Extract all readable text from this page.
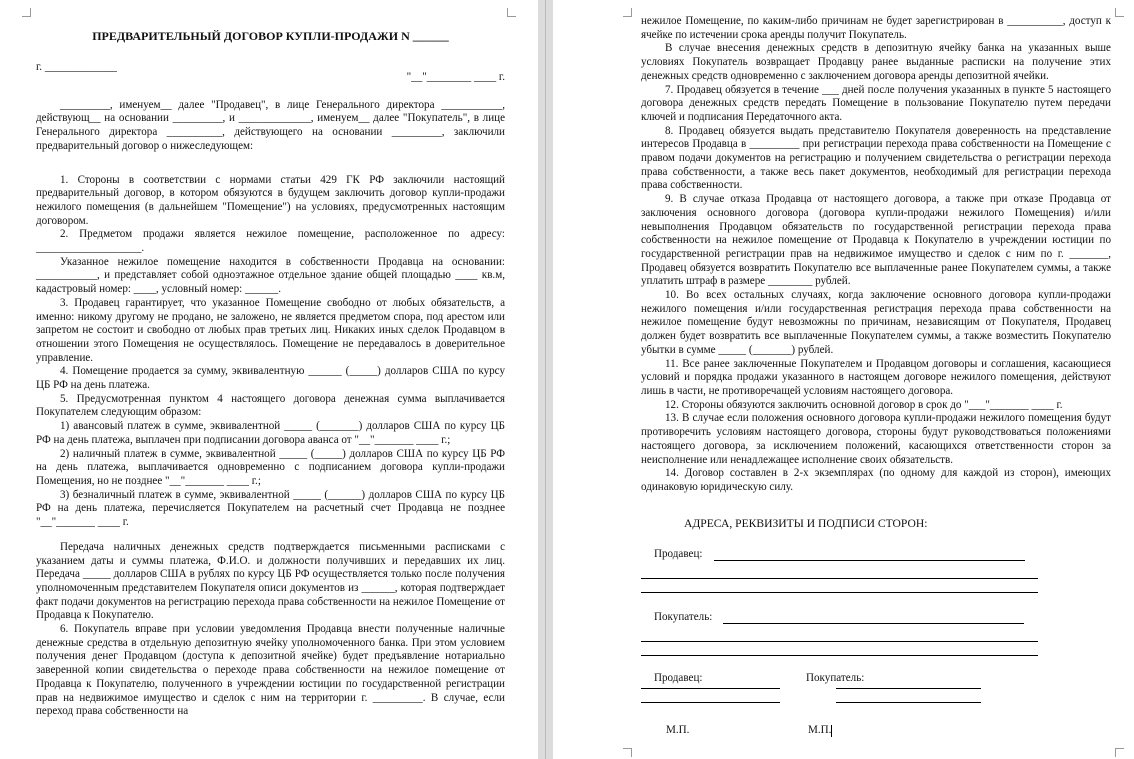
ПРЕДВАРИТЕЛЬНЫЙ ДОГОВОР КУПЛИ-ПРОДАЖИ N ______
г. _____________
"__"________ ____ г.

_________, именуем__ далее "Продавец", в лице Генерального директора ___________, действующ__ на основании _________, и _____________, именуем__ далее "Покупатель", в лице Генерального директора __________, действующего на основании _________, заключили предварительный договор о нижеследующем:

1. Стороны в соответствии с нормами статьи 429 ГК РФ заключили настоящий предварительный договор, в котором обязуются в будущем заключить договор купли-продажи нежилого помещения (в дальнейшем "Помещение") на условиях, предусмотренных настоящим договором.

2. Предметом продажи является нежилое помещение, расположенное по адресу: ___________________.

Указанное нежилое помещение находится в собственности Продавца на основании: ___________, и представляет собой одноэтажное отдельное здание общей площадью ____ кв.м, кадастровый номер: ____, условный номер: ______.

3. Продавец гарантирует, что указанное Помещение свободно от любых обязательств, а именно: никому другому не продано, не заложено, не является предметом спора, под арестом или запретом не состоит и свободно от любых прав третьих лиц. Никаких иных сделок Продавцом в отношении этого Помещения не осуществлялось. Помещение не передавалось в доверительное управление.

4. Помещение продается за сумму, эквивалентную ______ (_____) долларов США по курсу ЦБ РФ на день платежа.

5. Предусмотренная пунктом 4 настоящего договора денежная сумма выплачивается Покупателем следующим образом:

1) авансовый платеж в сумме, эквивалентной _____ (_______) долларов США по курсу ЦБ РФ на день платежа, выплачен при подписании договора аванса от "__"_______ ____ г.;

2) наличный платеж в сумме, эквивалентной _____ (_____) долларов США по курсу ЦБ РФ на день платежа, выплачивается одновременно с подписанием договора купли-продажи Помещения, но не позднее "__"_______ ____ г.;

3) безналичный платеж в сумме, эквивалентной _____ (______) долларов США по курсу ЦБ РФ на день платежа, перечисляется Покупателем на расчетный счет Продавца не позднее "__"_______ ____ г.

Передача наличных денежных средств подтверждается письменными расписками с указанием даты и суммы платежа, Ф.И.О. и должности получивших и передавших их лиц. Передача _____ долларов США в рублях по курсу ЦБ РФ осуществляется только после получения уполномоченным представителем Покупателя описи документов из ______, которая подтверждает факт подачи документов на регистрацию перехода права собственности на нежилое Помещение от Продавца к Покупателю.

6. Покупатель вправе при условии уведомления Продавца внести полученные наличные денежные средства в отдельную депозитную ячейку уполномоченного банка. При этом условием получения денег Продавцом (доступа к депозитной ячейке) будет предъявление нотариально заверенной копии свидетельства о переходе права собственности на нежилое помещение от Продавца к Покупателю, полученного в учреждении юстиции по государственной регистрации прав на недвижимое имущество и сделок с ним на территории г. _________. В случае, если переход права собственности на

нежилое Помещение, по каким-либо причинам не будет зарегистрирован в __________, доступ к ячейке по истечении срока аренды получит Покупатель.

В случае внесения денежных средств в депозитную ячейку банка на указанных выше условиях Покупатель возвращает Продавцу ранее выданные расписки на получение этих денежных средств одновременно с заключением договора аренды депозитной ячейки.

7. Продавец обязуется в течение ___ дней после получения указанных в пункте 5 настоящего договора денежных средств передать Помещение в пользование Покупателю путем передачи ключей и подписания Передаточного акта.

8. Продавец обязуется выдать представителю Покупателя доверенность на представление интересов Продавца в _________ при регистрации перехода права собственности на Помещение с правом подачи документов на регистрацию и получением свидетельства о регистрации перехода права собственности, а также весь пакет документов, необходимый для регистрации перехода права собственности.

9. В случае отказа Продавца от настоящего договора, а также при отказе Продавца от заключения основного договора (договора купли-продажи нежилого Помещения) и/или невыполнения Продавцом обязательств по государственной регистрации перехода права собственности на нежилое помещение от Продавца к Покупателю в учреждении юстиции по государственной регистрации прав на недвижимое имущество и сделок с ним по г. _______, Продавец обязуется возвратить Покупателю все выплаченные ранее Покупателем суммы, а также уплатить штраф в размере ________ рублей.

10. Во всех остальных случаях, когда заключение основного договора купли-продажи нежилого помещения и/или государственная регистрация перехода права собственности на нежилое помещение будут невозможны по причинам, независящим от Покупателя, Продавец должен будет возвратить все выплаченные Покупателем суммы, а также возместить Покупателю убытки в сумме _____ (_______) рублей.

11. Все ранее заключенные Покупателем и Продавцом договоры и соглашения, касающиеся условий и порядка продажи указанного в настоящем договоре нежилого помещения, действуют лишь в части, не противоречащей условиям настоящего договора.

12. Стороны обязуются заключить основной договор в срок до "___"_______ ____ г.

13. В случае если положения основного договора купли-продажи нежилого помещения будут противоречить условиям настоящего договора, стороны будут руководствоваться положениями настоящего договора, за исключением положений, касающихся ответственности сторон за неисполнение или ненадлежащее исполнение своих обязательств.

14. Договор составлен в 2-х экземплярах (по одному для каждой из сторон), имеющих одинаковую юридическую силу.

АДРЕСА, РЕКВИЗИТЫ И ПОДПИСИ СТОРОН:
Продавец:
Покупатель:
Продавец:	Покупатель:
М.П.	М.П.
